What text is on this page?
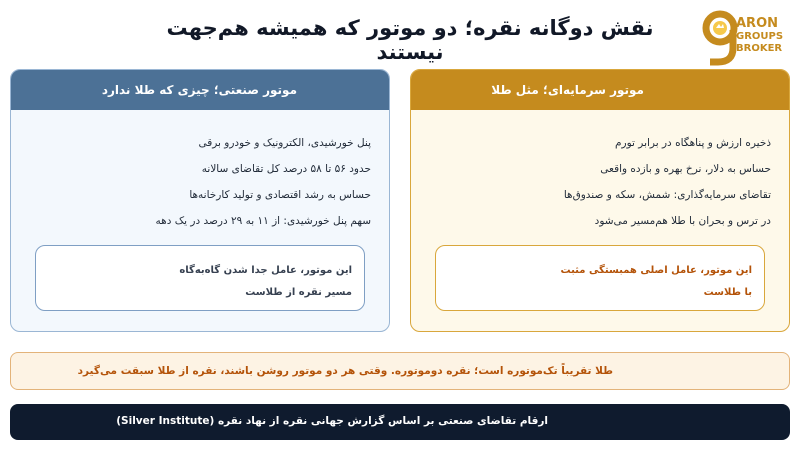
نقش دوگانه نقره؛ دو موتور که همیشه هم‌جهت نیستند
ARON
GROUPS
BROKER
موتور سرمایه‌ای؛ مثل طلا
ذخیره ارزش و پناهگاه در برابر تورم
حساس به دلار، نرخ بهره و بازده واقعی
تقاضای سرمایه‌گذاری: شمش، سکه و صندوق‌ها
در ترس و بحران با طلا هم‌مسیر می‌شود
این موتور، عامل اصلی همبستگی مثبت
با طلاست
موتور صنعتی؛ چیزی که طلا ندارد
پنل خورشیدی، الکترونیک و خودرو برقی
حدود ۵۶ تا ۵۸ درصد کل تقاضای سالانه
حساس به رشد اقتصادی و تولید کارخانه‌ها
سهم پنل خورشیدی: از ۱۱ به ۲۹ درصد در یک دهه
این موتور، عامل جدا شدن گاه‌به‌گاه
مسیر نقره از طلاست
طلا تقریباً تک‌موتوره است؛ نقره دوموتوره. وقتی هر دو موتور روشن باشند، نقره از طلا سبقت می‌گیرد
ارقام تقاضای صنعتی بر اساس گزارش جهانی نقره از نهاد نقره (Silver Institute)
